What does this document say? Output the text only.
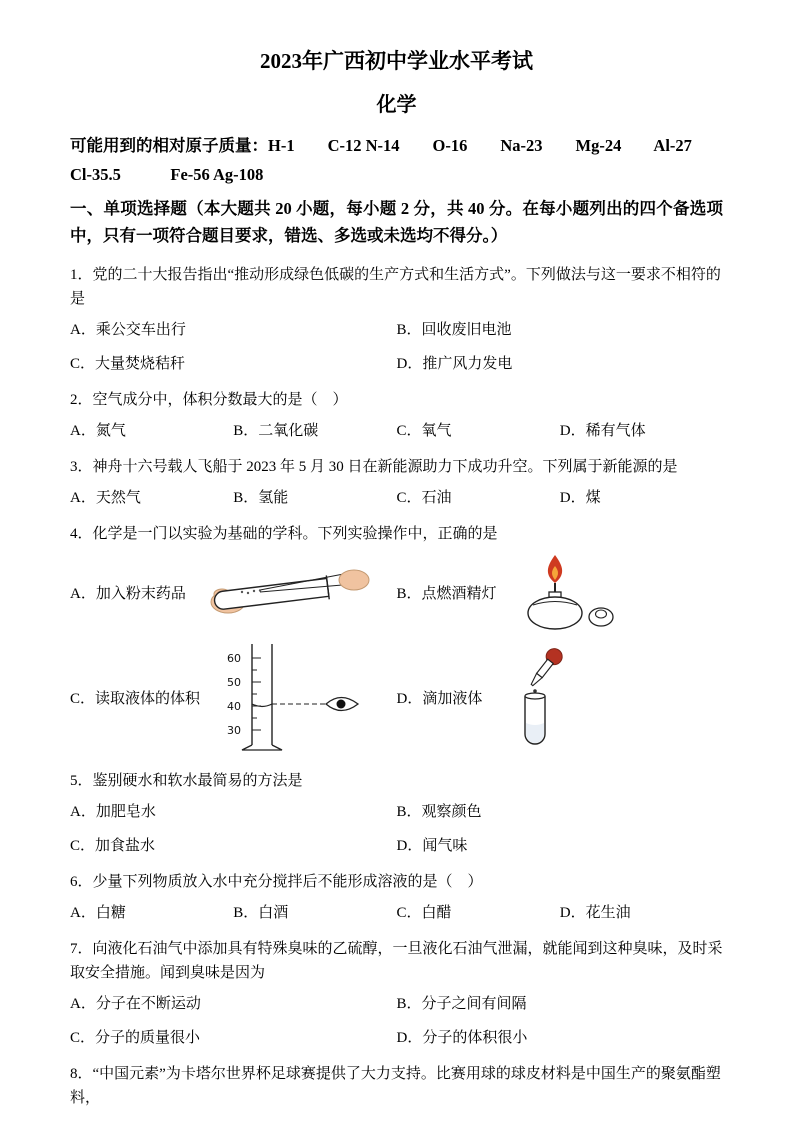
2023年广西初中学业水平考试
化学
可能用到的相对原子质量：H-1        C-12 N-14        O-16        Na-23        Mg-24        Al-27
Cl-35.5            Fe-56 Ag-108
一、单项选择题（本大题共 20 小题，每小题 2 分，共 40 分。在每小题列出的四个备选项中，只有一项符合题目要求，错选、多选或未选均不得分。）
1．党的二十大报告指出“推动形成绿色低碳的生产方式和生活方式”。下列做法与这一要求不相符的是
A．乘公交车出行	B．回收废旧电池
C．大量焚烧秸秆	D．推广风力发电
2．空气成分中，体积分数最大的是（    ）
A．氮气	B．二氧化碳	C．氧气	D．稀有气体
3．神舟十六号载人飞船于 2023 年 5 月 30 日在新能源助力下成功升空。下列属于新能源的是
A．天然气	B．氢能	C．石油	D．煤
4．化学是一门以实验为基础的学科。下列实验操作中，正确的是
A．加入粉末药品	B．点燃酒精灯
C．读取液体的体积
60
50
40
30
D．滴加液体
5．鉴别硬水和软水最简易的方法是
A．加肥皂水	B．观察颜色
C．加食盐水	D．闻气味
6．少量下列物质放入水中充分搅拌后不能形成溶液的是（    ）
A．白糖	B．白酒	C．白醋	D．花生油
7．向液化石油气中添加具有特殊臭味的乙硫醇，一旦液化石油气泄漏，就能闻到这种臭味，及时采取安全措施。闻到臭味是因为
A．分子在不断运动	B．分子之间有间隔
C．分子的质量很小	D．分子的体积很小
8．“中国元素”为卡塔尔世界杯足球赛提供了大力支持。比赛用球的球皮材料是中国生产的聚氨酯塑料，
